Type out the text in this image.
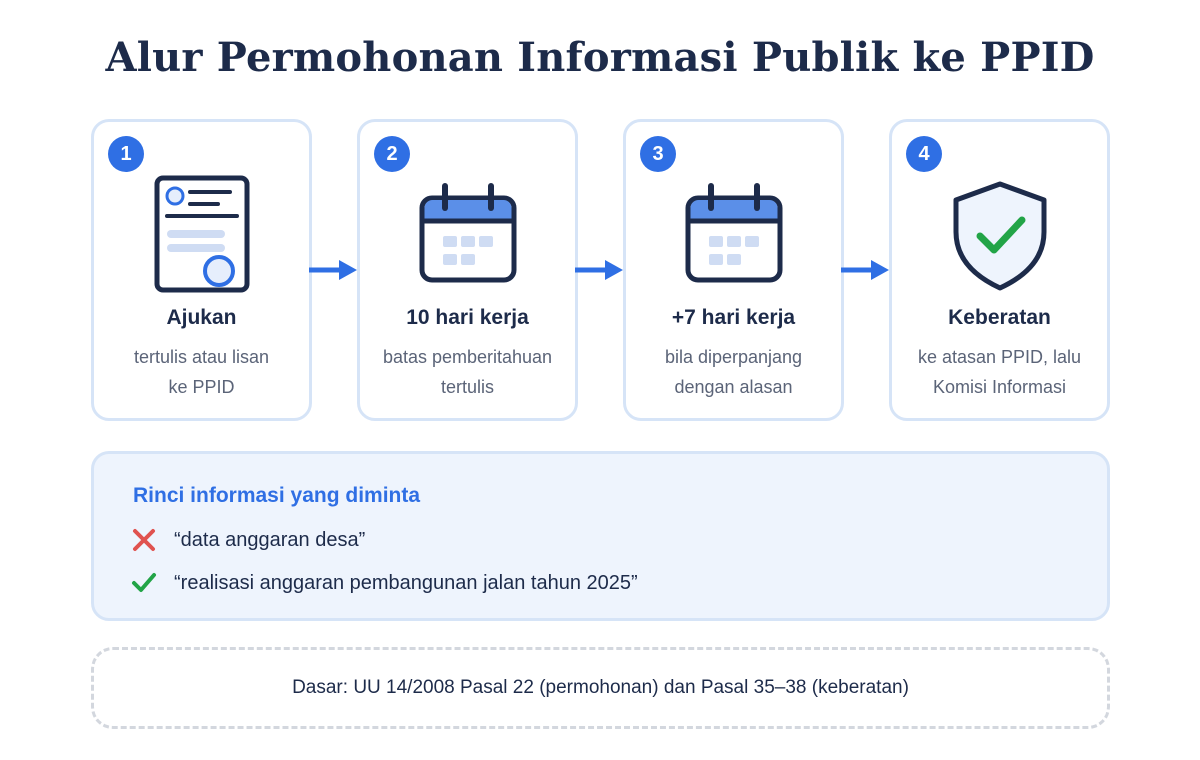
Alur Permohonan Informasi Publik ke PPID
1
Ajukan
tertulis atau lisan
ke PPID
2
10 hari kerja
batas pemberitahuan
tertulis
3
+7 hari kerja
bila diperpanjang
dengan alasan
4
Keberatan
ke atasan PPID, lalu
Komisi Informasi
Rinci informasi yang diminta
“data anggaran desa”
“realisasi anggaran pembangunan jalan tahun 2025”
Dasar: UU 14/2008 Pasal 22 (permohonan) dan Pasal 35–38 (keberatan)
